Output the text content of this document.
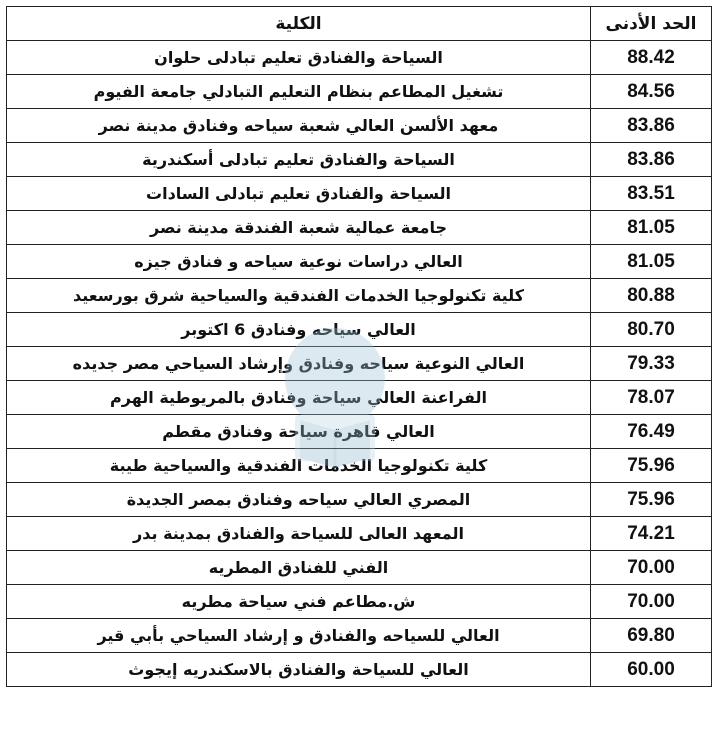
الحد الأدنى	الكلية
88.42	السياحة والفنادق تعليم تبادلى حلوان
84.56	تشغيل المطاعم بنظام التعليم التبادلي جامعة الفيوم
83.86	معهد الألسن العالي شعبة سياحه وفنادق مدينة نصر
83.86	السياحة والفنادق تعليم تبادلى أسكندرية
83.51	السياحة والفنادق تعليم تبادلى السادات
81.05	جامعة عمالية شعبة الفندقة مدينة نصر
81.05	العالي دراسات نوعية سياحه و فنادق جيزه
80.88	كلية تكنولوجيا الخدمات الفندقية والسياحية شرق بورسعيد
80.70	العالي سياحه وفنادق 6 اكتوبر
79.33	العالي النوعية سياحه وفنادق وإرشاد السياحي مصر جديده
78.07	الفراعنة العالي سياحة وفنادق بالمريوطية الهرم
76.49	العالي قاهرة سياحة وفنادق مقطم
75.96	كلية تكنولوجيا الخدمات الفندقية والسياحية طيبة
75.96	المصري العالي سياحه وفنادق بمصر الجديدة
74.21	المعهد العالى للسياحة والفنادق بمدينة بدر
70.00	الفني للفنادق المطريه
70.00	ش.مطاعم فني سياحة مطريه
69.80	العالي للسياحه والفنادق و إرشاد السياحي بأبي قير
60.00	العالي للسياحة والفنادق بالاسكندريه إيجوث
